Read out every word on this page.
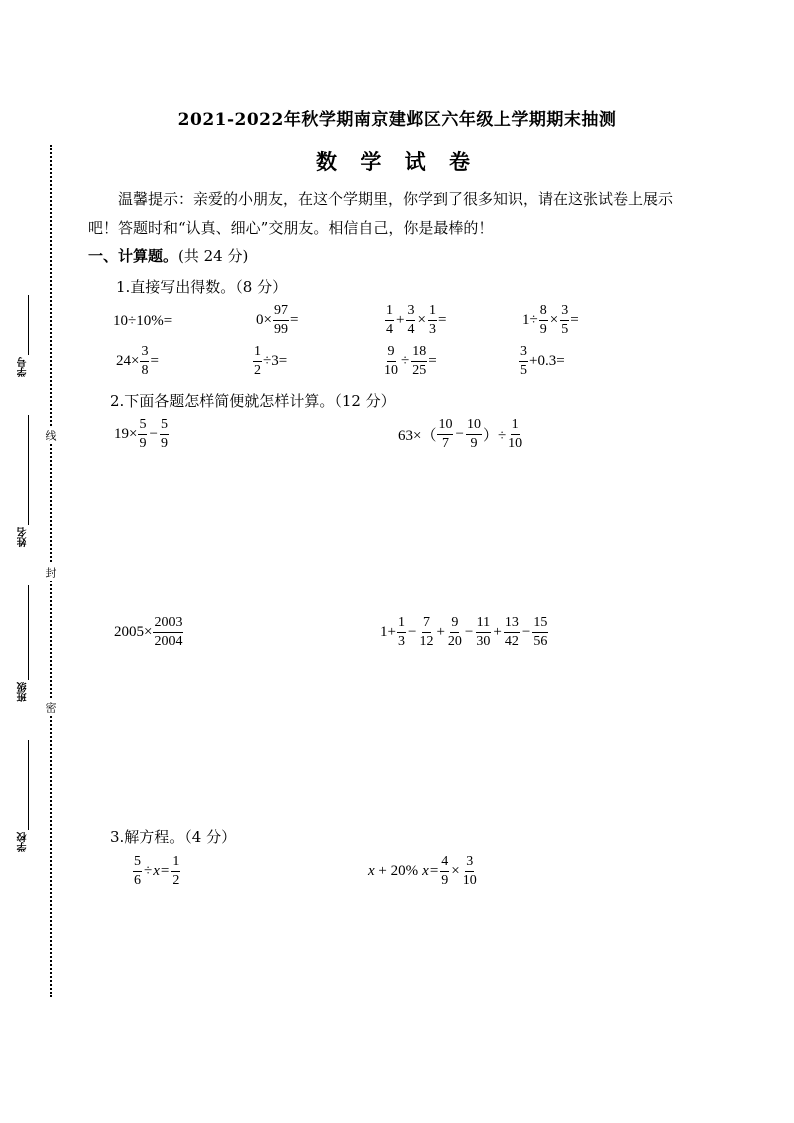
线
封
密
学号
姓名
班级
学校
2021-2022年秋学期南京建邺区六年级上学期期末抽测
数 学 试 卷
温馨提示：亲爱的小朋友，在这个学期里，你学到了很多知识，请在这张试卷上展示
吧！答题时和“认真、细心”交朋友。相信自己，你是最棒的！
一、计算题。(共 24 分)
1.直接写出得数。（8 分）
10÷10%=	$0\times \frac{97}{99}$ =	$\frac{1}{4} + \frac{3}{4} \times \frac{1}{3}$ =	$1\div \frac{8}{9} \times \frac{3}{5}$ =
$24\times \frac{3}{8}$ =	$\frac{1}{2} \div 3=$	$\frac{9}{10} \div \frac{18}{25}$ =	$\frac{3}{5} +0.3=$
2.下面各题怎样简便就怎样计算。（12 分）
$19\times \frac{5}{9} - \frac{5}{9}$	$63\times( \frac{10}{7} - \frac{10}{9}$ ）÷ $\frac{1}{10}$
$2005\times \frac{2003}{2004}$	$1+ \frac{1}{3} - \frac{7}{12} + \frac{9}{20} - \frac{11}{30} + \frac{13}{42} - \frac{15}{56}$
3.解方程。（4 分）
$\frac{5}{6} \div x = \frac{1}{2}$	x + 20% $x = \frac{4}{9} \times \frac{3}{10}$
